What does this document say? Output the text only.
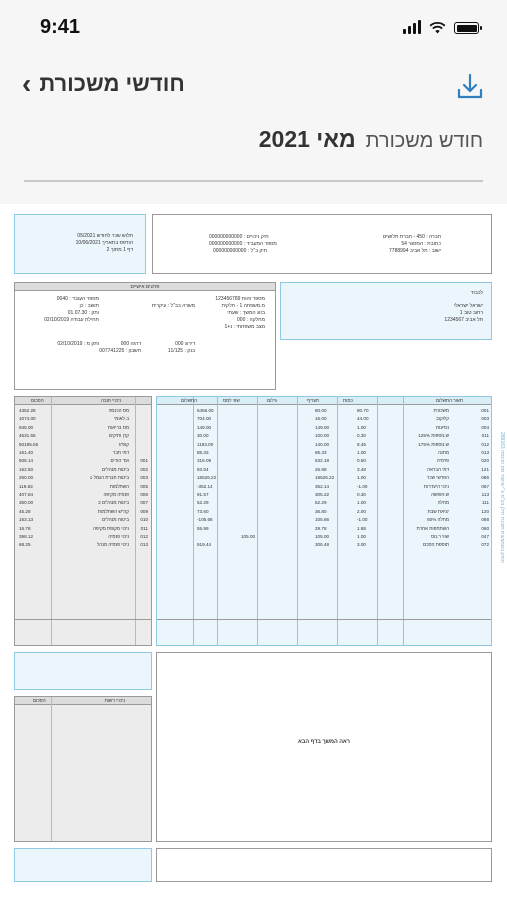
9:41
‹ חודשי משכורת
חודש משכורת
מאי 2021
תלוש שכר לחודש 05/2021
הודפס בתאריך 10/06/2021
דף 1 מתוך 2
חברה : 450 - חברת תלושים
כתובת : המסגר 54
ישוב : תל אביב 7788994
תיק ניכויים : 000000000000
מספר המעביד : 000000000000
תיק ב"ל : 000000000000
פרטים אישיים
מספר זהות 123456789
מ.משפחה 1 - חלקית
בזוג המשך : שעתי
מחלקה : 000
מצב משפחתי : נ+1
משרה בב"ל : עיקרית
מספר העובד : 0040
תושב : כן
ותק : 01.07.30
תחילת עבודה 02/10/2019
דירוג 000
בנק : 11/125
דרגה 000
חשבון : 007741225
ותק מ : 02/10/2019
לכבוד
ישראל ישראלי
רחוב טוב 1
תל אביב 1234567
תאור התשלום
כמות
תעריף
גילום
שווי למס
התשלום
001
משכורת
80.70
80.00
6456.00
003
קלוקוב
44.00
16.00
704.00
004
נסיעות
1.00
149.00
149.00
011
ש.נוספות 125%
0.30
100.00
30.00
012
ש.נוספות 175%
8.45
140.00
1183.00
013
מתנה
1.00
85.33
85.33
020
פרמיה
0.50
632.18
316.09
121
דמי הבראה
3.48
26.88
93.54
086
הפרשי שכר
1.00
18526.22
18526.22
067
ניכוי היעדרות
-1.00
352.14
-352.14
113
ש.חופשה
0.30
305.22
91.57
111
מחלה
1.00
52.29
52.29
120
יציאת שבת
2.00
36.80
73.60
068
מחלה 50%
-1.00
105.66
-105.66
060
השתתפות אחרת
1.88
29.78
55.99
047
שווי ר.נוס
1.00
105.00
105.00
072
תוספת הסכם
3.00
306.48
919.44
ניכויי חובה
הסכום
מס הכנסה
4352.28
ב.לאומי
1074.00
מס בריאות
945.00
קרן ותיקים
4631.55
קופ"ג
50195.55
דמי חבר
161.40
001
ועד הורים
506.14
002
ביטוח מנהלים
162.50
003
ביטוח חברת הגמל 1
260.00
005
השתלמות
119.63
006
פנסיה מקיפה
407.84
007
ביטוח מנהלים 2
350.00
009
קה"ש השתלמות
45.28
010
ביטוח מנהלים
163.13
011
ניכוי מקופת מקיפה
16.78
012
ניכוי פנסיה
398.12
013
ניכוי פנסיה מנהל
68.25
הופק באמצעות תוכנת חילן בע"מ ע"י אישור מס הכנסה 289163
ניכויי רשות
הסכום
ראה המשך בדף הבא
